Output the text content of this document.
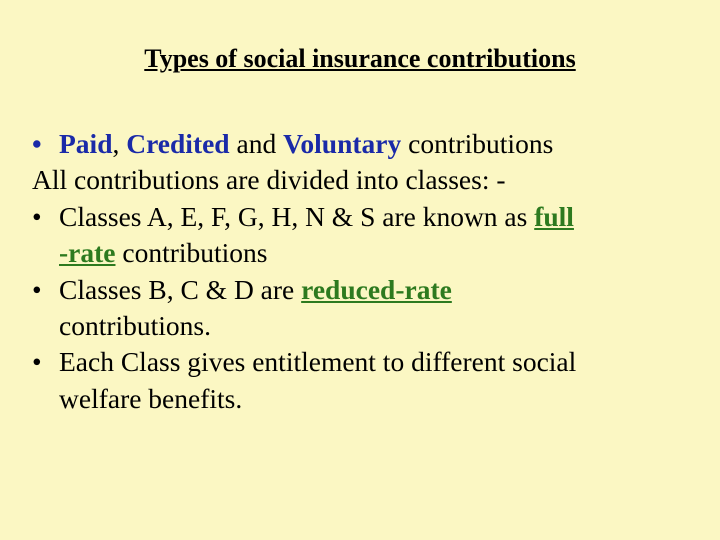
Types of social insurance contributions
• Paid, Credited and Voluntary contributions
All contributions are divided into classes: -
• Classes A, E, F, G, H, N & S are known as full
-rate contributions
• Classes B, C & D are reduced-rate
contributions.
• Each Class gives entitlement to different social
welfare benefits.
